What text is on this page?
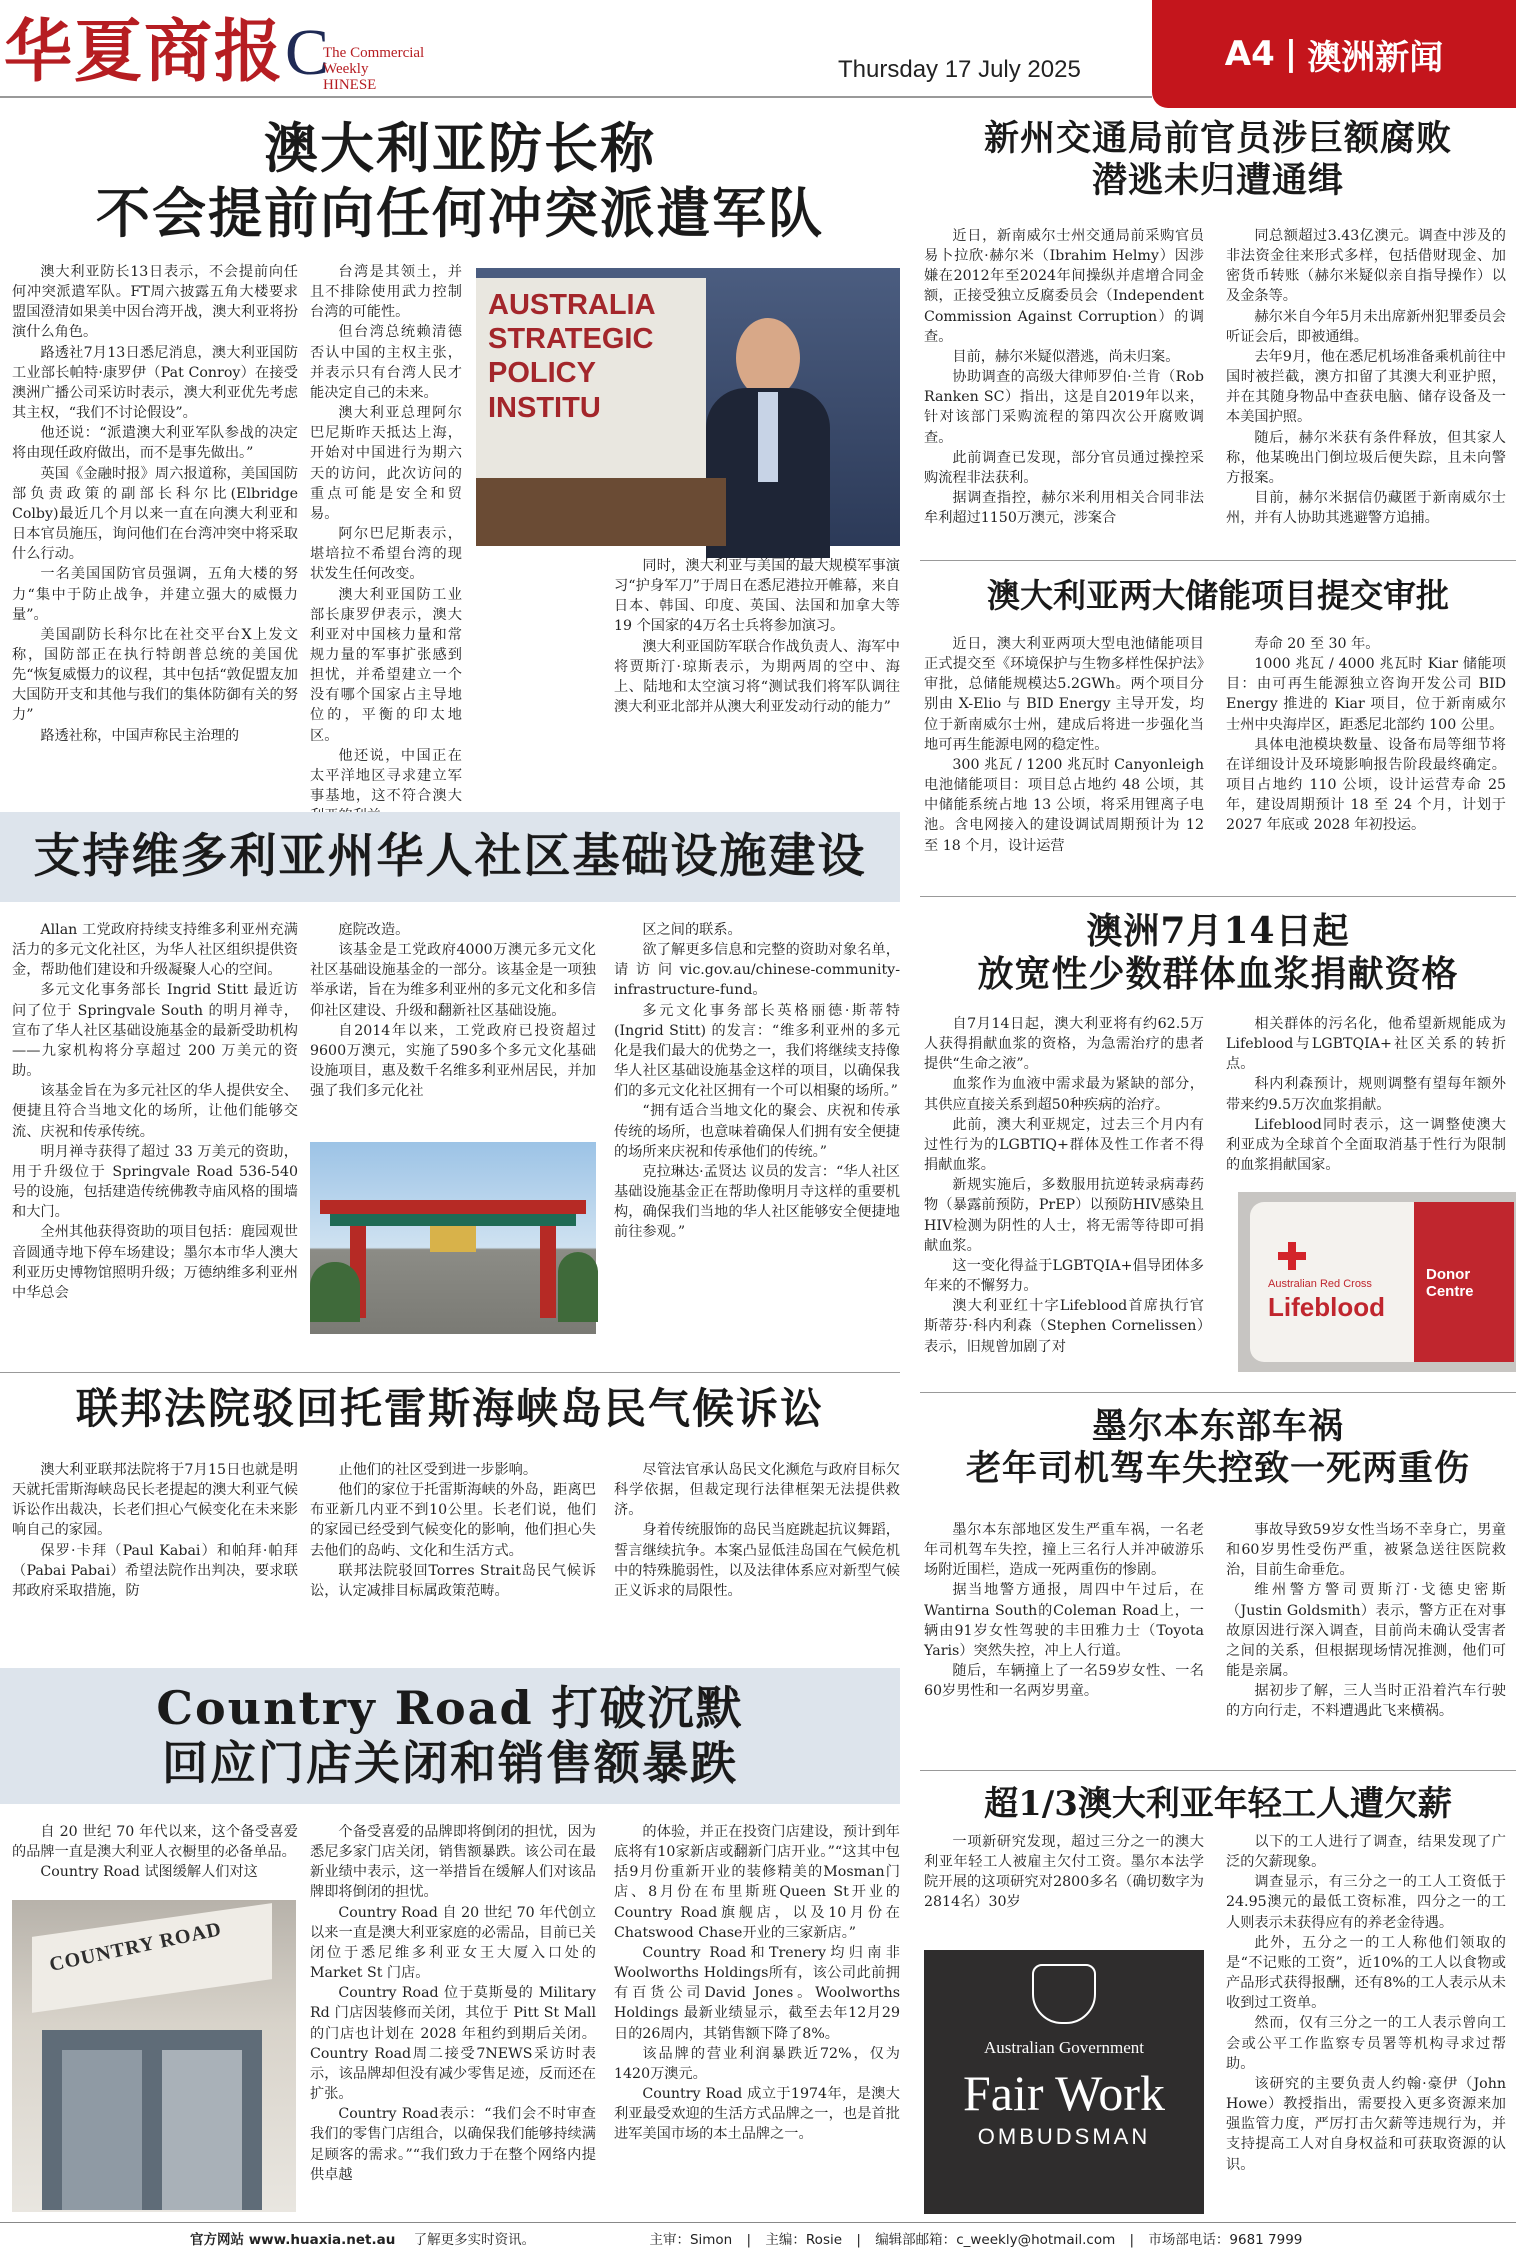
华夏商报 C
The Commercial
Weekly
HINESE
Thursday 17 July 2025	A4 | 澳洲新闻
澳大利亚防长称
不会提前向任何冲突派遣军队

澳大利亚防长13日表示，不会提前向任何冲突派遣军队。FT周六披露五角大楼要求盟国澄清如果美中因台湾开战，澳大利亚将扮演什么角色。

路透社7月13日悉尼消息，澳大利亚国防工业部长帕特·康罗伊（Pat Conroy）在接受澳洲广播公司采访时表示，澳大利亚优先考虑其主权，“我们不讨论假设”。

他还说：“派遣澳大利亚军队参战的决定将由现任政府做出，而不是事先做出。”

英国《金融时报》周六报道称，美国国防部负责政策的副部长科尔比(Elbridge Colby)最近几个月以来一直在向澳大利亚和日本官员施压，询问他们在台湾冲突中将采取什么行动。

一名美国国防官员强调，五角大楼的努力“集中于防止战争，并建立强大的威慑力量”。

美国副防长科尔比在社交平台X上发文称，国防部正在执行特朗普总统的美国优先“恢复威慑力的议程，其中包括“敦促盟友加大国防开支和其他与我们的集体防御有关的努力”

路透社称，中国声称民主治理的

台湾是其领土，并且不排除使用武力控制台湾的可能性。

但台湾总统赖清德否认中国的主权主张，并表示只有台湾人民才能决定自己的未来。

澳大利亚总理阿尔巴尼斯昨天抵达上海，开始对中国进行为期六天的访问，此次访问的重点可能是安全和贸易。

阿尔巴尼斯表示，堪培拉不希望台湾的现状发生任何改变。

澳大利亚国防工业部长康罗伊表示，澳大利亚对中国核力量和常规力量的军事扩张感到担忧，并希望建立一个没有哪个国家占主导地位的，平衡的印太地区。

他还说，中国正在太平洋地区寻求建立军事基地，这不符合澳大

AUSTRALIA
STRATEGIC
POLICY
INSTITU

同时，澳大利亚与美国的最大规模军事演习“护身军刀”于周日在悉尼港拉开帷幕，来自日本、韩国、印度、英国、法国和加拿大等 19 个国家的4万名士兵将参加演习。

澳大利亚国防军联合作战负责人、海军中将贾斯汀·琼斯表示，为期两周的空中、海上、陆地和太空演习将“测试我们将军队调往澳大利亚北部并从澳大利亚发动行动的能力”

新州交通局前官员涉巨额腐败
潜逃未归遭通缉

近日，新南威尔士州交通局前采购官员易卜拉欣·赫尔米（Ibrahim Helmy）因涉嫌在2012年至2024年间操纵并虐增合同金额，正接受独立反腐委员会（Independent Commission Against Corruption）的调查。

目前，赫尔米疑似潜逃，尚未归案。

协助调查的高级大律师罗伯·兰肯（Rob Ranken SC）指出，这是自2019年以来，针对该部门采购流程的第四次公开腐败调查。

此前调查已发现，部分官员通过操控采购流程非法获利。

据调查指控，赫尔米利用相关合同非法牟利超过1150万澳元，涉案合

同总额超过3.43亿澳元。调查中涉及的非法资金往来形式多样，包括借财现金、加密货币转账（赫尔米疑似亲自指导操作）以及金条等。

赫尔米自今年5月未出席新州犯罪委员会听证会后，即被通缉。

去年9月，他在悉尼机场准备乘机前往中国时被拦截，澳方扣留了其澳大利亚护照，并在其随身物品中查获电脑、储存设备及一本美国护照。

随后，赫尔米获有条件释放，但其家人称，他某晚出门倒垃圾后便失踪，且未向警方报案。

目前，赫尔米据信仍藏匿于新南威尔士州，并有人协助其逃避警方追捕。

澳大利亚两大储能项目提交审批

近日，澳大利亚两项大型电池储能项目正式提交至《环境保护与生物多样性保护法》审批，总储能规模达5.2GWh。两个项目分别由 X-Elio 与 BID Energy 主导开发，均位于新南威尔士州，建成后将进一步强化当地可再生能源电网的稳定性。

300 兆瓦 / 1200 兆瓦时 Canyonleigh 电池储能项目：项目总占地约 48 公顷，其中储能系统占地 13 公顷，将采用锂离子电池。含电网接入的建设调试周期预计为 12 至 18 个月，设计运营

寿命 20 至 30 年。

1000 兆瓦 / 4000 兆瓦时 Kiar 储能项目：由可再生能源独立咨询开发公司 BID Energy 推进的 Kiar 项目，位于新南威尔士州中央海岸区，距悉尼北部约 100 公里。

具体电池模块数量、设备布局等细节将在详细设计及环境影响报告阶段最终确定。项目占地约 110 公顷，设计运营寿命 25 年，建设周期预计 18 至 24 个月，计划于 2027 年底或 2028 年初投运。

支持维多利亚州华人社区基础设施建设

Allan 工党政府持续支持维多利亚州充满活力的多元文化社区，为华人社区组织提供资金，帮助他们建设和升级凝聚人心的空间。

多元文化事务部长 Ingrid Stitt 最近访问了位于 Springvale South 的明月禅寺，宣布了华人社区基础设施基金的最新受助机构——九家机构将分享超过 200 万美元的资助。

该基金旨在为多元社区的华人提供安全、便捷且符合当地文化的场所，让他们能够交流、庆祝和传承传统。

明月禅寺获得了超过 33 万美元的资助，用于升级位于 Springvale Road 536-540 号的设施，包括建造传统佛教寺庙风格的围墙和大门。

全州其他获得资助的项目包括：鹿园观世音圆通寺地下停车场建设；墨尔本市华人澳大利亚历史博物馆照明升级；万德纳维多利亚州中华总会

庭院改造。

该基金是工党政府4000万澳元多元文化社区基础设施基金的一部分。该基金是一项独举承诺，旨在为维多利亚州的多元文化和多信仰社区建设、升级和翻新社区基础设施。

自2014年以来，工党政府已投资超过9600万澳元，实施了590多个多元文化基础设施项目，惠及数千名维多利亚州居民，并加强了我们多元化社

区之间的联系。

欲了解更多信息和完整的资助对象名单，请访问vic.gov.au/chinese-community-infrastructure-fund。

多元文化事务部长英格丽德·斯蒂特 (Ingrid Stitt) 的发言：“维多利亚州的多元化是我们最大的优势之一，我们将继续支持像华人社区基础设施基金这样的项目，以确保我们的多元文化社区拥有一个可以相聚的场所。”

“拥有适合当地文化的聚会、庆祝和传承传统的场所，也意味着确保人们拥有安全便捷的场所来庆祝和传承他们的传统。”

克拉琳达·孟贤达 议员的发言：“华人社区基础设施基金正在帮助像明月寺这样的重要机构，确保我们当地的华人社区能够安全便捷地前往参观。”

澳洲7月14日起
放宽性少数群体血浆捐献资格

自7月14日起，澳大利亚将有约62.5万人获得捐献血浆的资格，为急需治疗的患者提供“生命之液”。

血浆作为血液中需求最为紧缺的部分，其供应直接关系到超50种疾病的治疗。

此前，澳大利亚规定，过去三个月内有过性行为的LGBTIQ+群体及性工作者不得捐献血浆。

新规实施后，多数服用抗逆转录病毒药物（暴露前预防，PrEP）以预防HIV感染且HIV检测为阴性的人士，将无需等待即可捐献血浆。

这一变化得益于LGBTQIA+倡导团体多年来的不懈努力。

澳大利亚红十字Lifeblood首席执行官斯蒂芬·科内利森（Stephen Cornelissen）表示，旧规曾加剧了对

相关群体的污名化，他希望新规能成为Lifeblood与LGBTQIA+社区关系的转折点。

科内利森预计，规则调整有望每年额外带来约9.5万次血浆捐献。

Lifeblood同时表示，这一调整使澳大利亚成为全球首个全面取消基于性行为限制的血浆捐献国家。

Australian Red Cross
Lifeblood
Donor Centre
联邦法院驳回托雷斯海峡岛民气候诉讼

澳大利亚联邦法院将于7月15日也就是明天就托雷斯海峡岛民长老提起的澳大利亚气候诉讼作出裁决，长老们担心气候变化在未来影响自己的家园。

保罗·卡拜（Paul Kabai）和帕拜·帕拜（Pabai Pabai）希望法院作出判决，要求联邦政府采取措施，防

止他们的社区受到进一步影响。

他们的家位于托雷斯海峡的外岛，距离巴布亚新几内亚不到10公里。长老们说，他们的家园已经受到气候变化的影响，他们担心失去他们的岛屿、文化和生活方式。

联邦法院驳回Torres Strait岛民气候诉讼，认定减排目标属政策范畴。

尽管法官承认岛民文化濒危与政府目标欠科学依据，但裁定现行法律框架无法提供救济。

身着传统服饰的岛民当庭跳起抗议舞蹈，誓言继续抗争。本案凸显低洼岛国在气候危机中的特殊脆弱性，以及法律体系应对新型气候正义诉求的局限性。

墨尔本东部车祸
老年司机驾车失控致一死两重伤

墨尔本东部地区发生严重车祸，一名老年司机驾车失控，撞上三名行人并冲破游乐场附近围栏，造成一死两重伤的惨剧。

据当地警方通报，周四中午过后，在Wantirna South的Coleman Road上，一辆由91岁女性驾驶的丰田雅力士（Toyota Yaris）突然失控，冲上人行道。

随后，车辆撞上了一名59岁女性、一名60岁男性和一名两岁男童。

事故导致59岁女性当场不幸身亡，男童和60岁男性受伤严重，被紧急送往医院救治，目前生命垂危。

维州警方警司贾斯汀·戈德史密斯（Justin Goldsmith）表示，警方正在对事故原因进行深入调查，目前尚未确认受害者之间的关系，但根据现场情况推测，他们可能是亲属。

据初步了解，三人当时正沿着汽车行驶的方向行走，不料遭遇此飞来横祸。

Country Road 打破沉默
回应门店关闭和销售额暴跌

自 20 世纪 70 年代以来，这个备受喜爱的品牌一直是澳大利亚人衣橱里的必备单品。

Country Road 试图缓解人们对这

COUNTRY ROAD

个备受喜爱的品牌即将倒闭的担忧，因为悉尼多家门店关闭，销售额暴跌。该公司在最新业绩中表示，这一举措旨在缓解人们对该品牌即将倒闭的担忧。

Country Road 自 20 世纪 70 年代创立以来一直是澳大利亚家庭的必需品，目前已关闭位于悉尼维多利亚女王大厦入口处的 Market St 门店。

Country Road 位于莫斯曼的 Military Rd 门店因装修而关闭，其位于 Pitt St Mall 的门店也计划在 2028 年租约到期后关闭。Country Road周二接受7NEWS采访时表示，该品牌却但没有减少零售足迹，反而还在扩张。

Country Road表示：“我们会不时审查我们的零售门店组合，以确保我们能够持续满足顾客的需求。”“我们致力于在整个网络内提供卓越

的体验，并正在投资门店建设，预计到年底将有10家新店或翻新门店开业。”“这其中包括9月份重新开业的装修精美的Mosman门店、8月份在布里斯班Queen St开业的Country Road旗舰店，以及10月份在Chatswood Chase开业的三家新店。”

Country Road和Trenery均归南非Woolworths Holdings所有，该公司此前拥有百货公司David Jones。Woolworths Holdings 最新业绩显示，截至去年12月29日的26周内，其销售额下降了8%。

该品牌的营业利润暴跌近72%，仅为1420万澳元。

Country Road 成立于1974年，是澳大利亚最受欢迎的生活方式品牌之一，也是首批进军美国市场的本土品牌之一。

超1/3澳大利亚年轻工人遭欠薪

一项新研究发现，超过三分之一的澳大利亚年轻工人被雇主欠付工资。墨尔本法学院开展的这项研究对2800多名（确切数字为2814名）30岁

Australian Government
Fair Work
OMBUDSMAN

以下的工人进行了调查，结果发现了广泛的欠薪现象。

调查显示，有三分之一的工人工资低于24.95澳元的最低工资标准，四分之一的工人则表示未获得应有的养老金待遇。

此外，五分之一的工人称他们领取的是“不记账的工资”，近10%的工人以食物或产品形式获得报酬，还有8%的工人表示从未收到过工资单。

然而，仅有三分之一的工人表示曾向工会或公平工作监察专员署等机构寻求过帮助。

该研究的主要负责人约翰·豪伊（John Howe）教授指出，需要投入更多资源来加强监管力度，严厉打击欠薪等违规行为，并支持提高工人对自身权益和可获取资源的认识。

官方网站 www.huaxia.net.au 了解更多实时资讯。	主审：Simon | 主编：Rosie | 编辑部邮箱：c_weekly@hotmail.com | 市场部电话：9681 7999
